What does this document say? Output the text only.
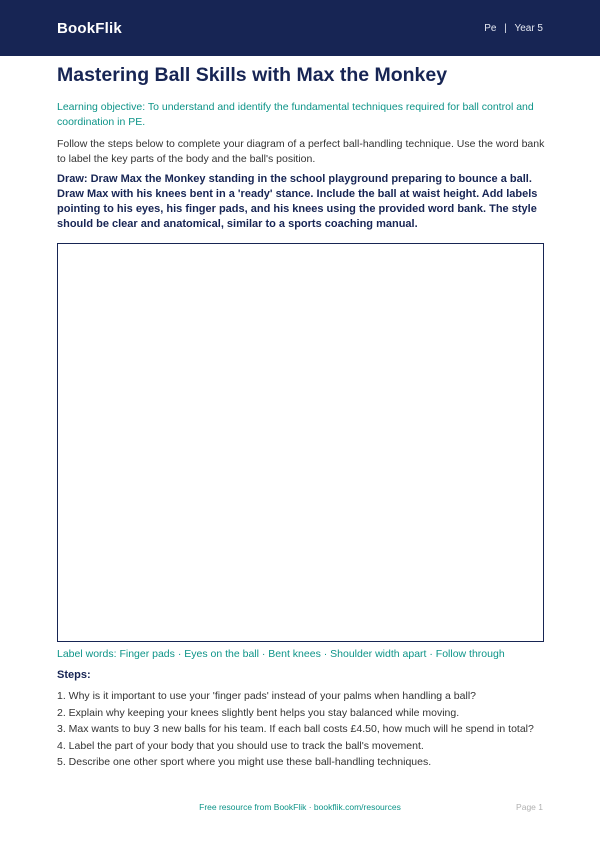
BookFlik	Pe | Year 5
Mastering Ball Skills with Max the Monkey

Learning objective: To understand and identify the fundamental techniques required for ball control and coordination in PE.

Follow the steps below to complete your diagram of a perfect ball-handling technique. Use the word bank to label the key parts of the body and the ball's position.

Draw: Draw Max the Monkey standing in the school playground preparing to bounce a ball. Draw Max with his knees bent in a 'ready' stance. Include the ball at waist height. Add labels pointing to his eyes, his finger pads, and his knees using the provided word bank. The style should be clear and anatomical, similar to a sports coaching manual.

Label words: Finger pads · Eyes on the ball · Bent knees · Shoulder width apart · Follow through

Steps:

1. Why is it important to use your 'finger pads' instead of your palms when handling a ball?
2. Explain why keeping your knees slightly bent helps you stay balanced while moving.
3. Max wants to buy 3 new balls for his team. If each ball costs £4.50, how much will he spend in total?
4. Label the part of your body that you should use to track the ball's movement.
5. Describe one other sport where you might use these ball-handling techniques.
Free resource from BookFlik · bookflik.com/resources	Page 1
